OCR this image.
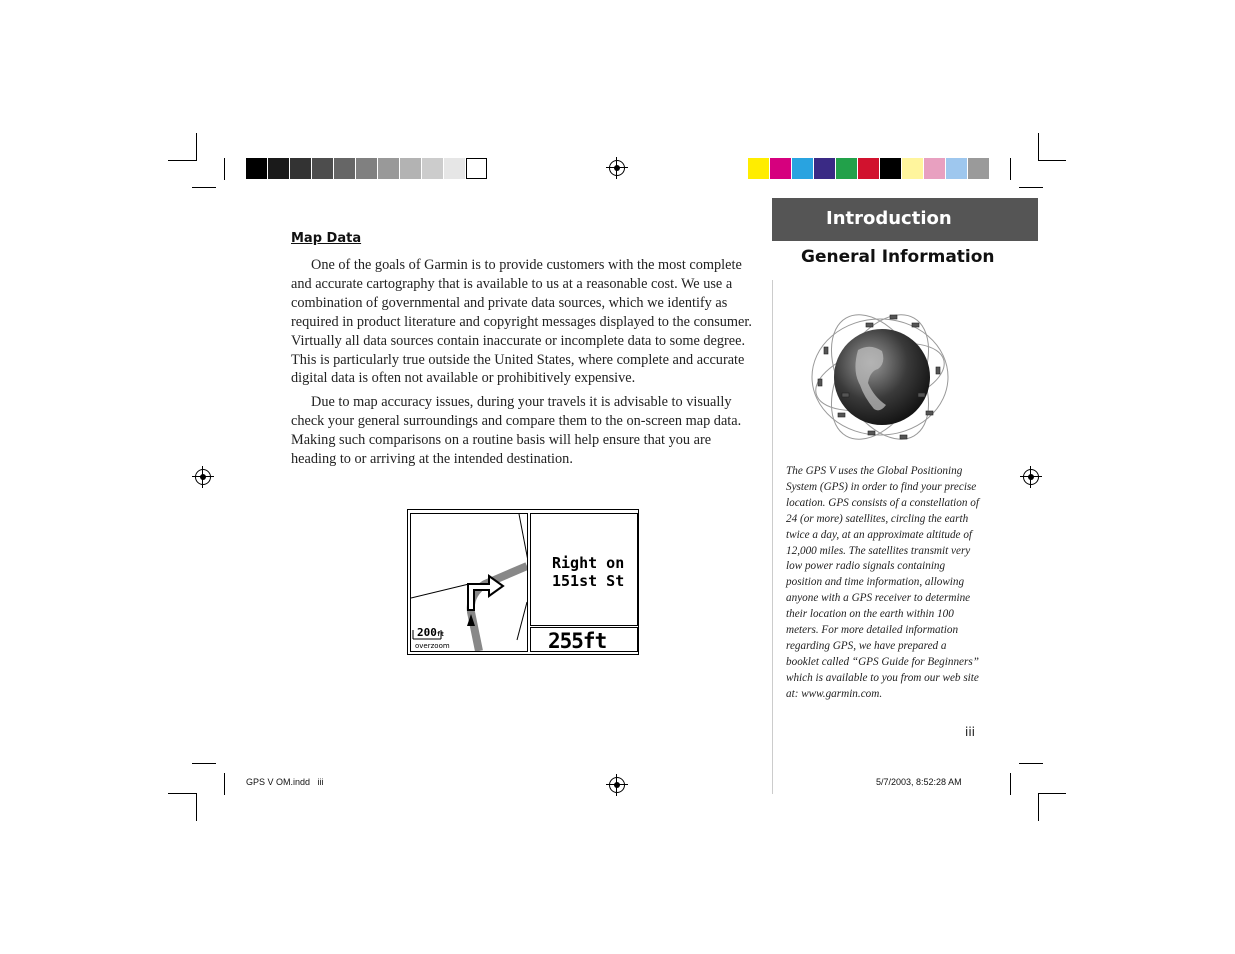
Introduction
General Information
Map Data
One of the goals of Garmin is to provide customers with the most complete and accurate cartography that is available to us at a reasonable cost. We use a combination of governmental and private data sources, which we identify as required in product literature and copyright messages displayed to the consumer. Virtually all data sources contain inaccurate or incomplete data to some degree. This is particularly true outside the United States, where complete and accurate digital data is often not available or prohibitively expensive.
Due to map accuracy issues, during your travels it is advisable to visually check your general surroundings and compare them to the on-screen map data. Making such comparisons on a routine basis will help ensure that you are heading to or arriving at the intended destination.
200ft
overzoom
Right on
151st St
255ft
The GPS V uses the Global Positioning System (GPS) in order to find your precise location. GPS consists of a constellation of 24 (or more) satellites, circling the earth twice a day, at an approximate altitude of 12,000 miles. The satellites transmit very low power radio signals containing position and time information, allowing anyone with a GPS receiver to determine their location on the earth within 100 meters. For more detailed information regarding GPS, we have prepared a booklet called “GPS Guide for Beginners” which is available to you from our web site at: www.garmin.com.
iii
GPS V OM.indd   iii	5/7/2003, 8:52:28 AM
